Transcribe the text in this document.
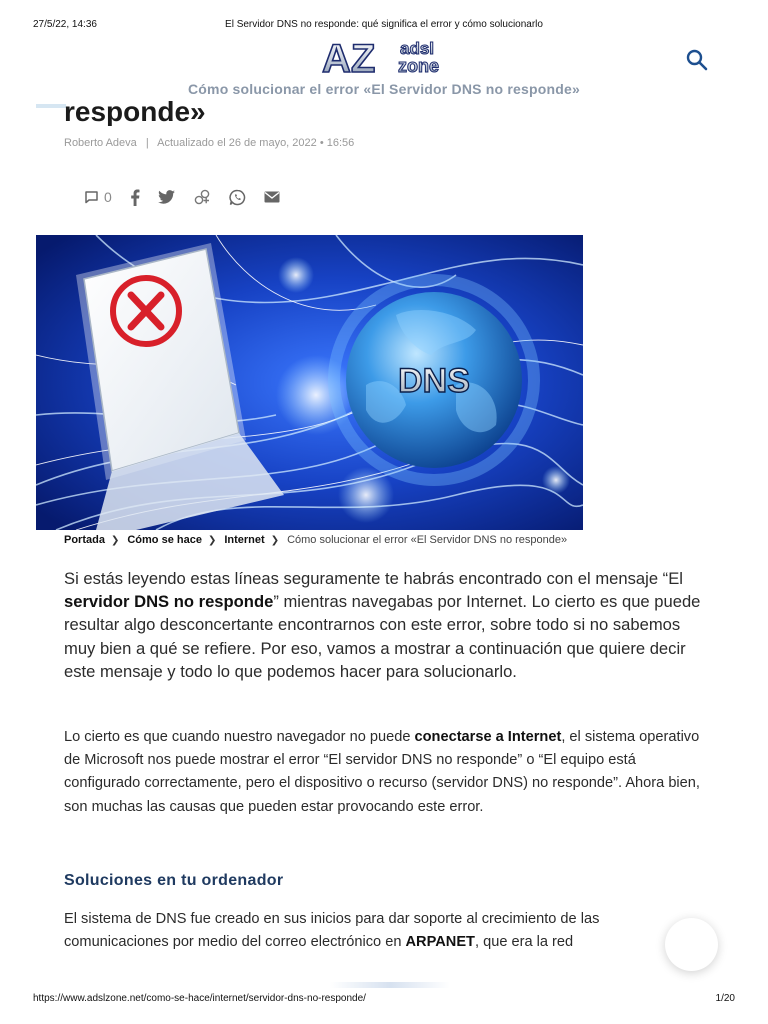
27/5/22, 14:36	El Servidor DNS no responde: qué significa el error y cómo solucionarlo
AZ adsl
zone
Cómo solucionar el error «El Servidor DNS no responde»
responde»
Roberto Adeva | Actualizado el 26 de mayo, 2022 • 16:56
0
DNS
Portada ❯ Cómo se hace ❯ Internet ❯ Cómo solucionar el error «El Servidor DNS no responde»

Si estás leyendo estas líneas seguramente te habrás encontrado con el mensaje “El servidor DNS no responde” mientras navegabas por Internet. Lo cierto es que puede resultar algo desconcertante encontrarnos con este error, sobre todo si no sabemos muy bien a qué se refiere. Por eso, vamos a mostrar a continuación que quiere decir este mensaje y todo lo que podemos hacer para solucionarlo.

Lo cierto es que cuando nuestro navegador no puede conectarse a Internet, el sistema operativo de Microsoft nos puede mostrar el error “El servidor DNS no responde” o “El equipo está configurado correctamente, pero el dispositivo o recurso (servidor DNS) no responde”. Ahora bien, son muchas las causas que pueden estar provocando este error.

Soluciones en tu ordenador

El sistema de DNS fue creado en sus inicios para dar soporte al crecimiento de las comunicaciones por medio del correo electrónico en ARPANET, que era la red

https://www.adslzone.net/como-se-hace/internet/servidor-dns-no-responde/	1/20
